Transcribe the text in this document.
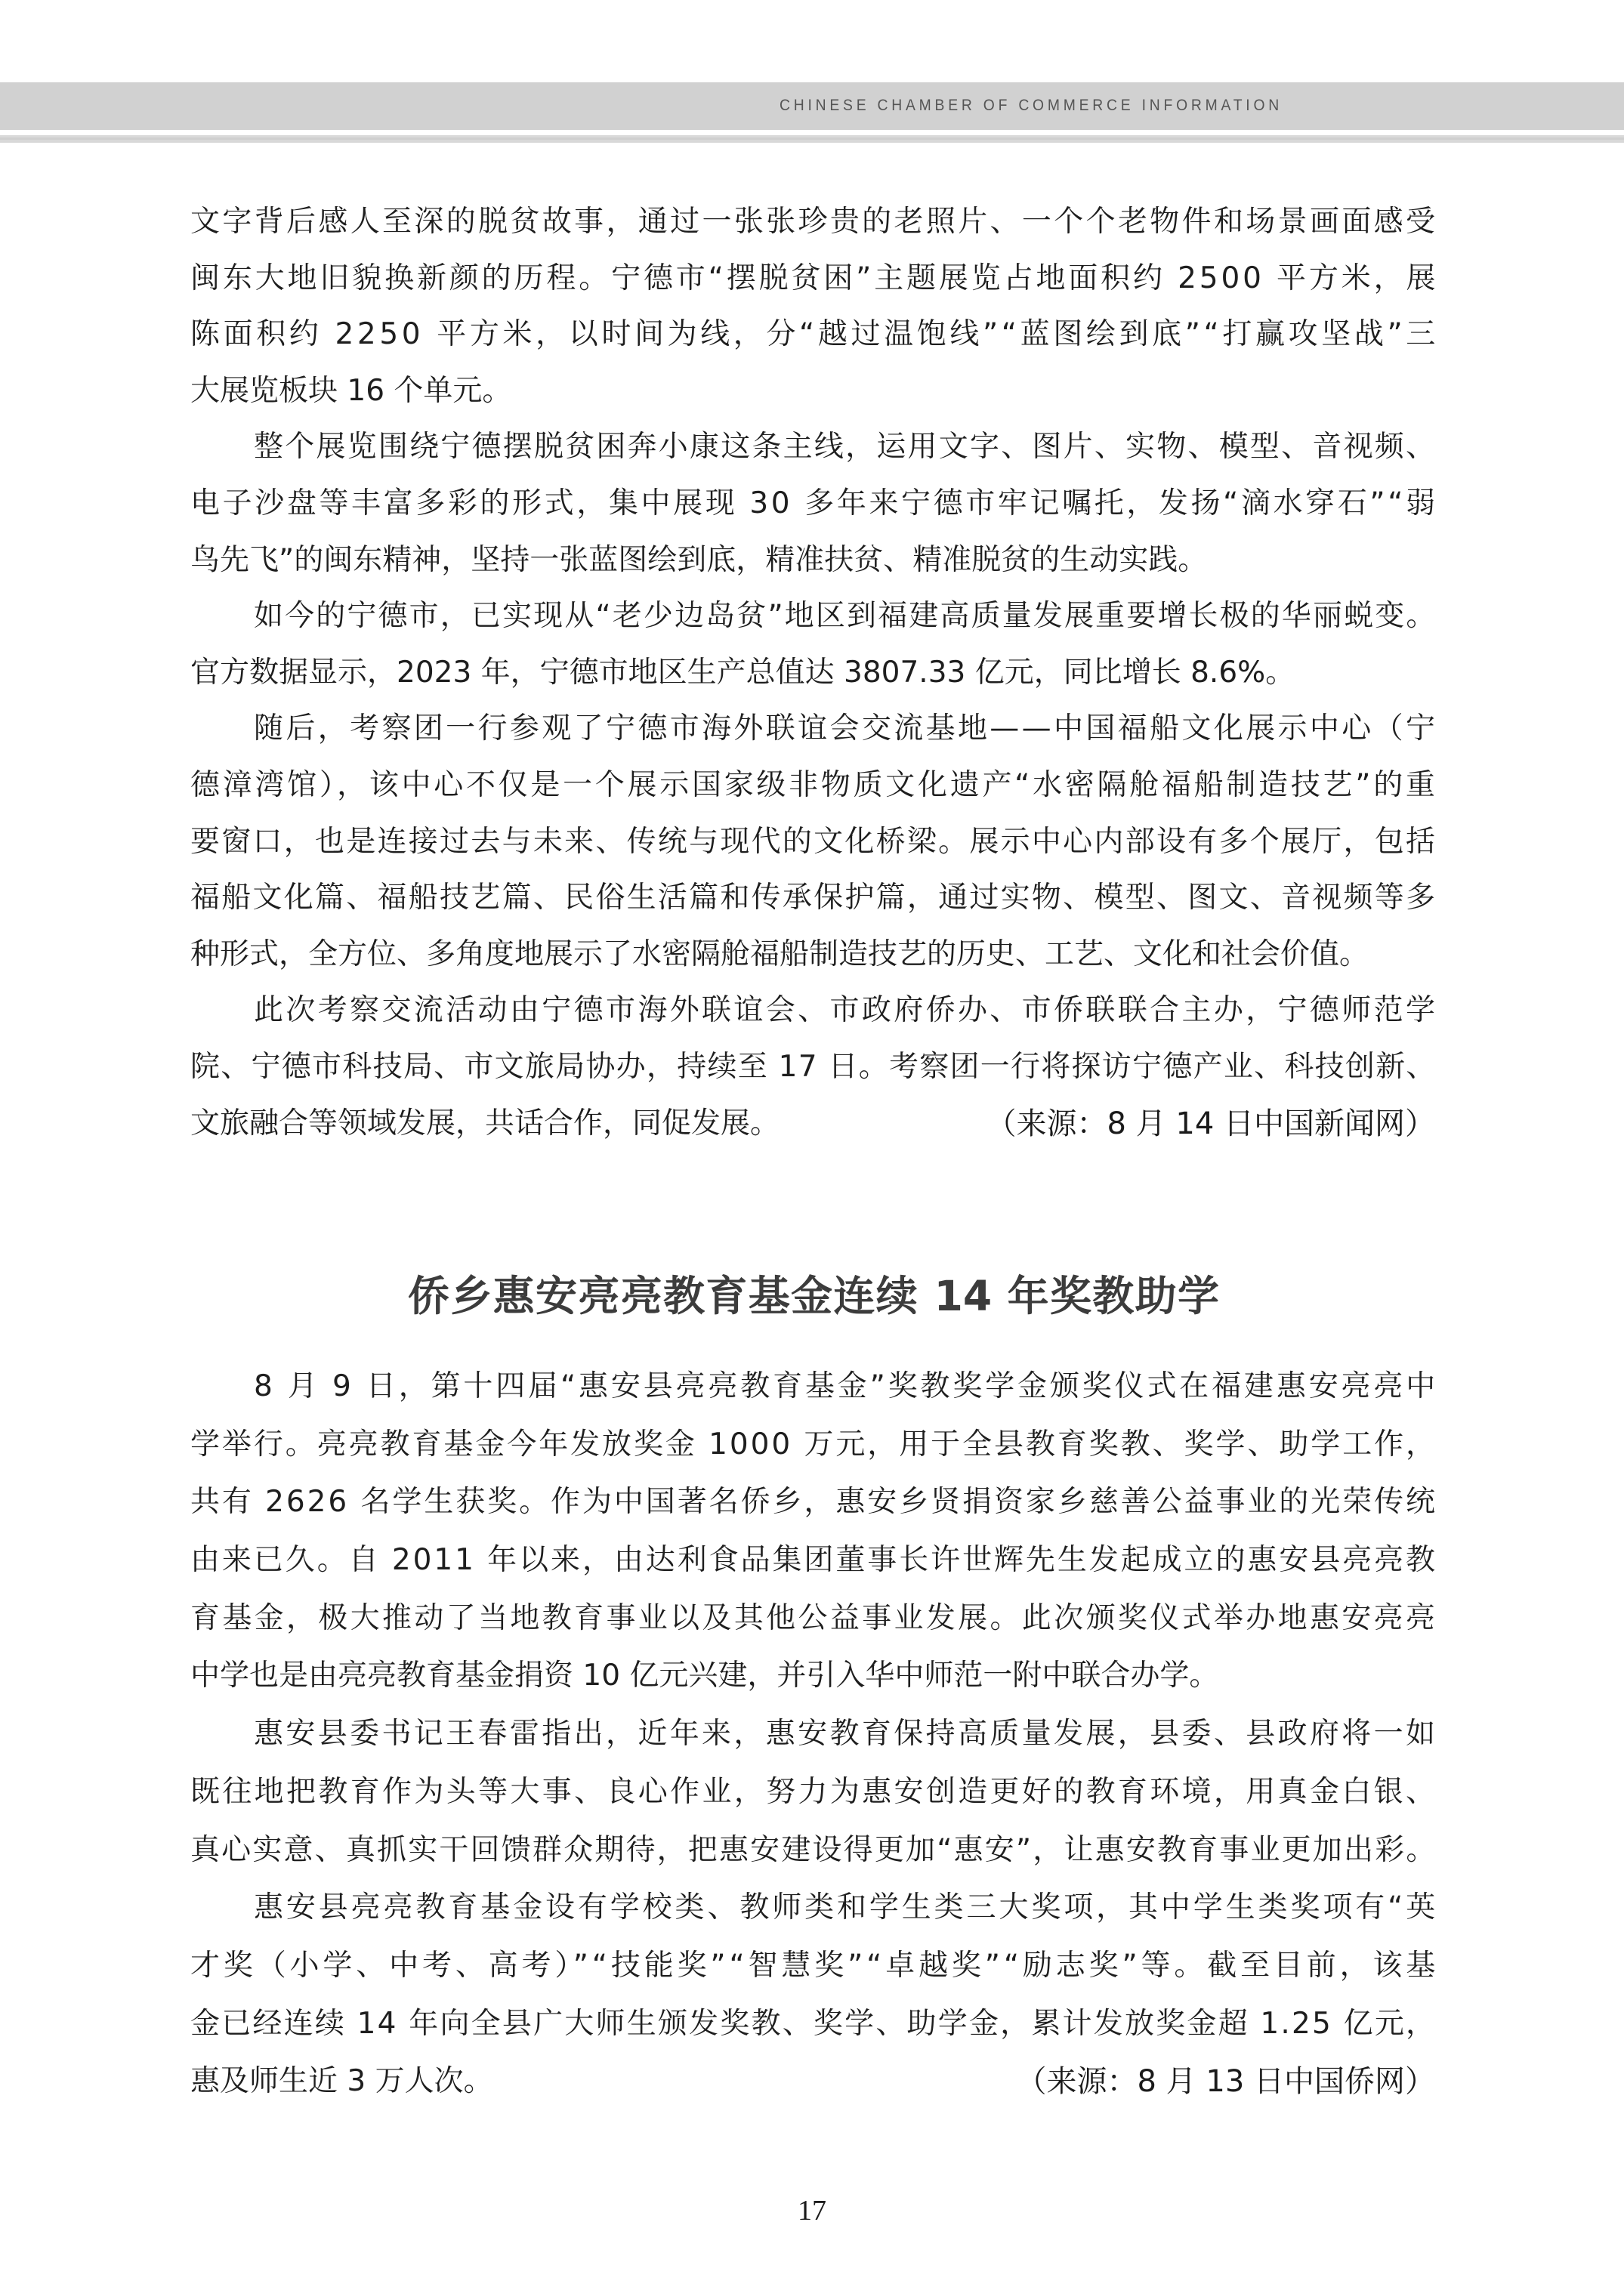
CHINESE CHAMBER OF COMMERCE INFORMATION
文字背后感人至深的脱贫故事，通过一张张珍贵的老照片、一个个老物件和场景画面感受
闽东大地旧貌换新颜的历程。宁德市“摆脱贫困”主题展览占地面积约 2500 平方米，展
陈面积约 2250 平方米，以时间为线，分“越过温饱线”“蓝图绘到底”“打赢攻坚战”三
大展览板块 16 个单元。
整个展览围绕宁德摆脱贫困奔小康这条主线，运用文字、图片、实物、模型、音视频、
电子沙盘等丰富多彩的形式，集中展现 30 多年来宁德市牢记嘱托，发扬“滴水穿石”“弱
鸟先飞”的闽东精神，坚持一张蓝图绘到底，精准扶贫、精准脱贫的生动实践。
如今的宁德市，已实现从“老少边岛贫”地区到福建高质量发展重要增长极的华丽蜕变。
官方数据显示，2023 年，宁德市地区生产总值达 3807.33 亿元，同比增长 8.6%。
随后，考察团一行参观了宁德市海外联谊会交流基地——中国福船文化展示中心（宁
德漳湾馆），该中心不仅是一个展示国家级非物质文化遗产“水密隔舱福船制造技艺”的重
要窗口，也是连接过去与未来、传统与现代的文化桥梁。展示中心内部设有多个展厅，包括
福船文化篇、福船技艺篇、民俗生活篇和传承保护篇，通过实物、模型、图文、音视频等多
种形式，全方位、多角度地展示了水密隔舱福船制造技艺的历史、工艺、文化和社会价值。
此次考察交流活动由宁德市海外联谊会、市政府侨办、市侨联联合主办，宁德师范学
院、宁德市科技局、市文旅局协办，持续至 17 日。考察团一行将探访宁德产业、科技创新、
文旅融合等领域发展，共话合作，同促发展。	（来源：8 月 14 日中国新闻网）
侨乡惠安亮亮教育基金连续 14 年奖教助学
8 月 9 日，第十四届“惠安县亮亮教育基金”奖教奖学金颁奖仪式在福建惠安亮亮中
学举行。亮亮教育基金今年发放奖金 1000 万元，用于全县教育奖教、奖学、助学工作，
共有 2626 名学生获奖。作为中国著名侨乡，惠安乡贤捐资家乡慈善公益事业的光荣传统
由来已久。自 2011 年以来，由达利食品集团董事长许世辉先生发起成立的惠安县亮亮教
育基金，极大推动了当地教育事业以及其他公益事业发展。此次颁奖仪式举办地惠安亮亮
中学也是由亮亮教育基金捐资 10 亿元兴建，并引入华中师范一附中联合办学。
惠安县委书记王春雷指出，近年来，惠安教育保持高质量发展，县委、县政府将一如
既往地把教育作为头等大事、良心作业，努力为惠安创造更好的教育环境，用真金白银、
真心实意、真抓实干回馈群众期待，把惠安建设得更加“惠安”，让惠安教育事业更加出彩。
惠安县亮亮教育基金设有学校类、教师类和学生类三大奖项，其中学生类奖项有“英
才奖（小学、中考、高考）”“技能奖”“智慧奖”“卓越奖”“励志奖”等。截至目前，该基
金已经连续 14 年向全县广大师生颁发奖教、奖学、助学金，累计发放奖金超 1.25 亿元，
惠及师生近 3 万人次。	（来源：8 月 13 日中国侨网）
17
